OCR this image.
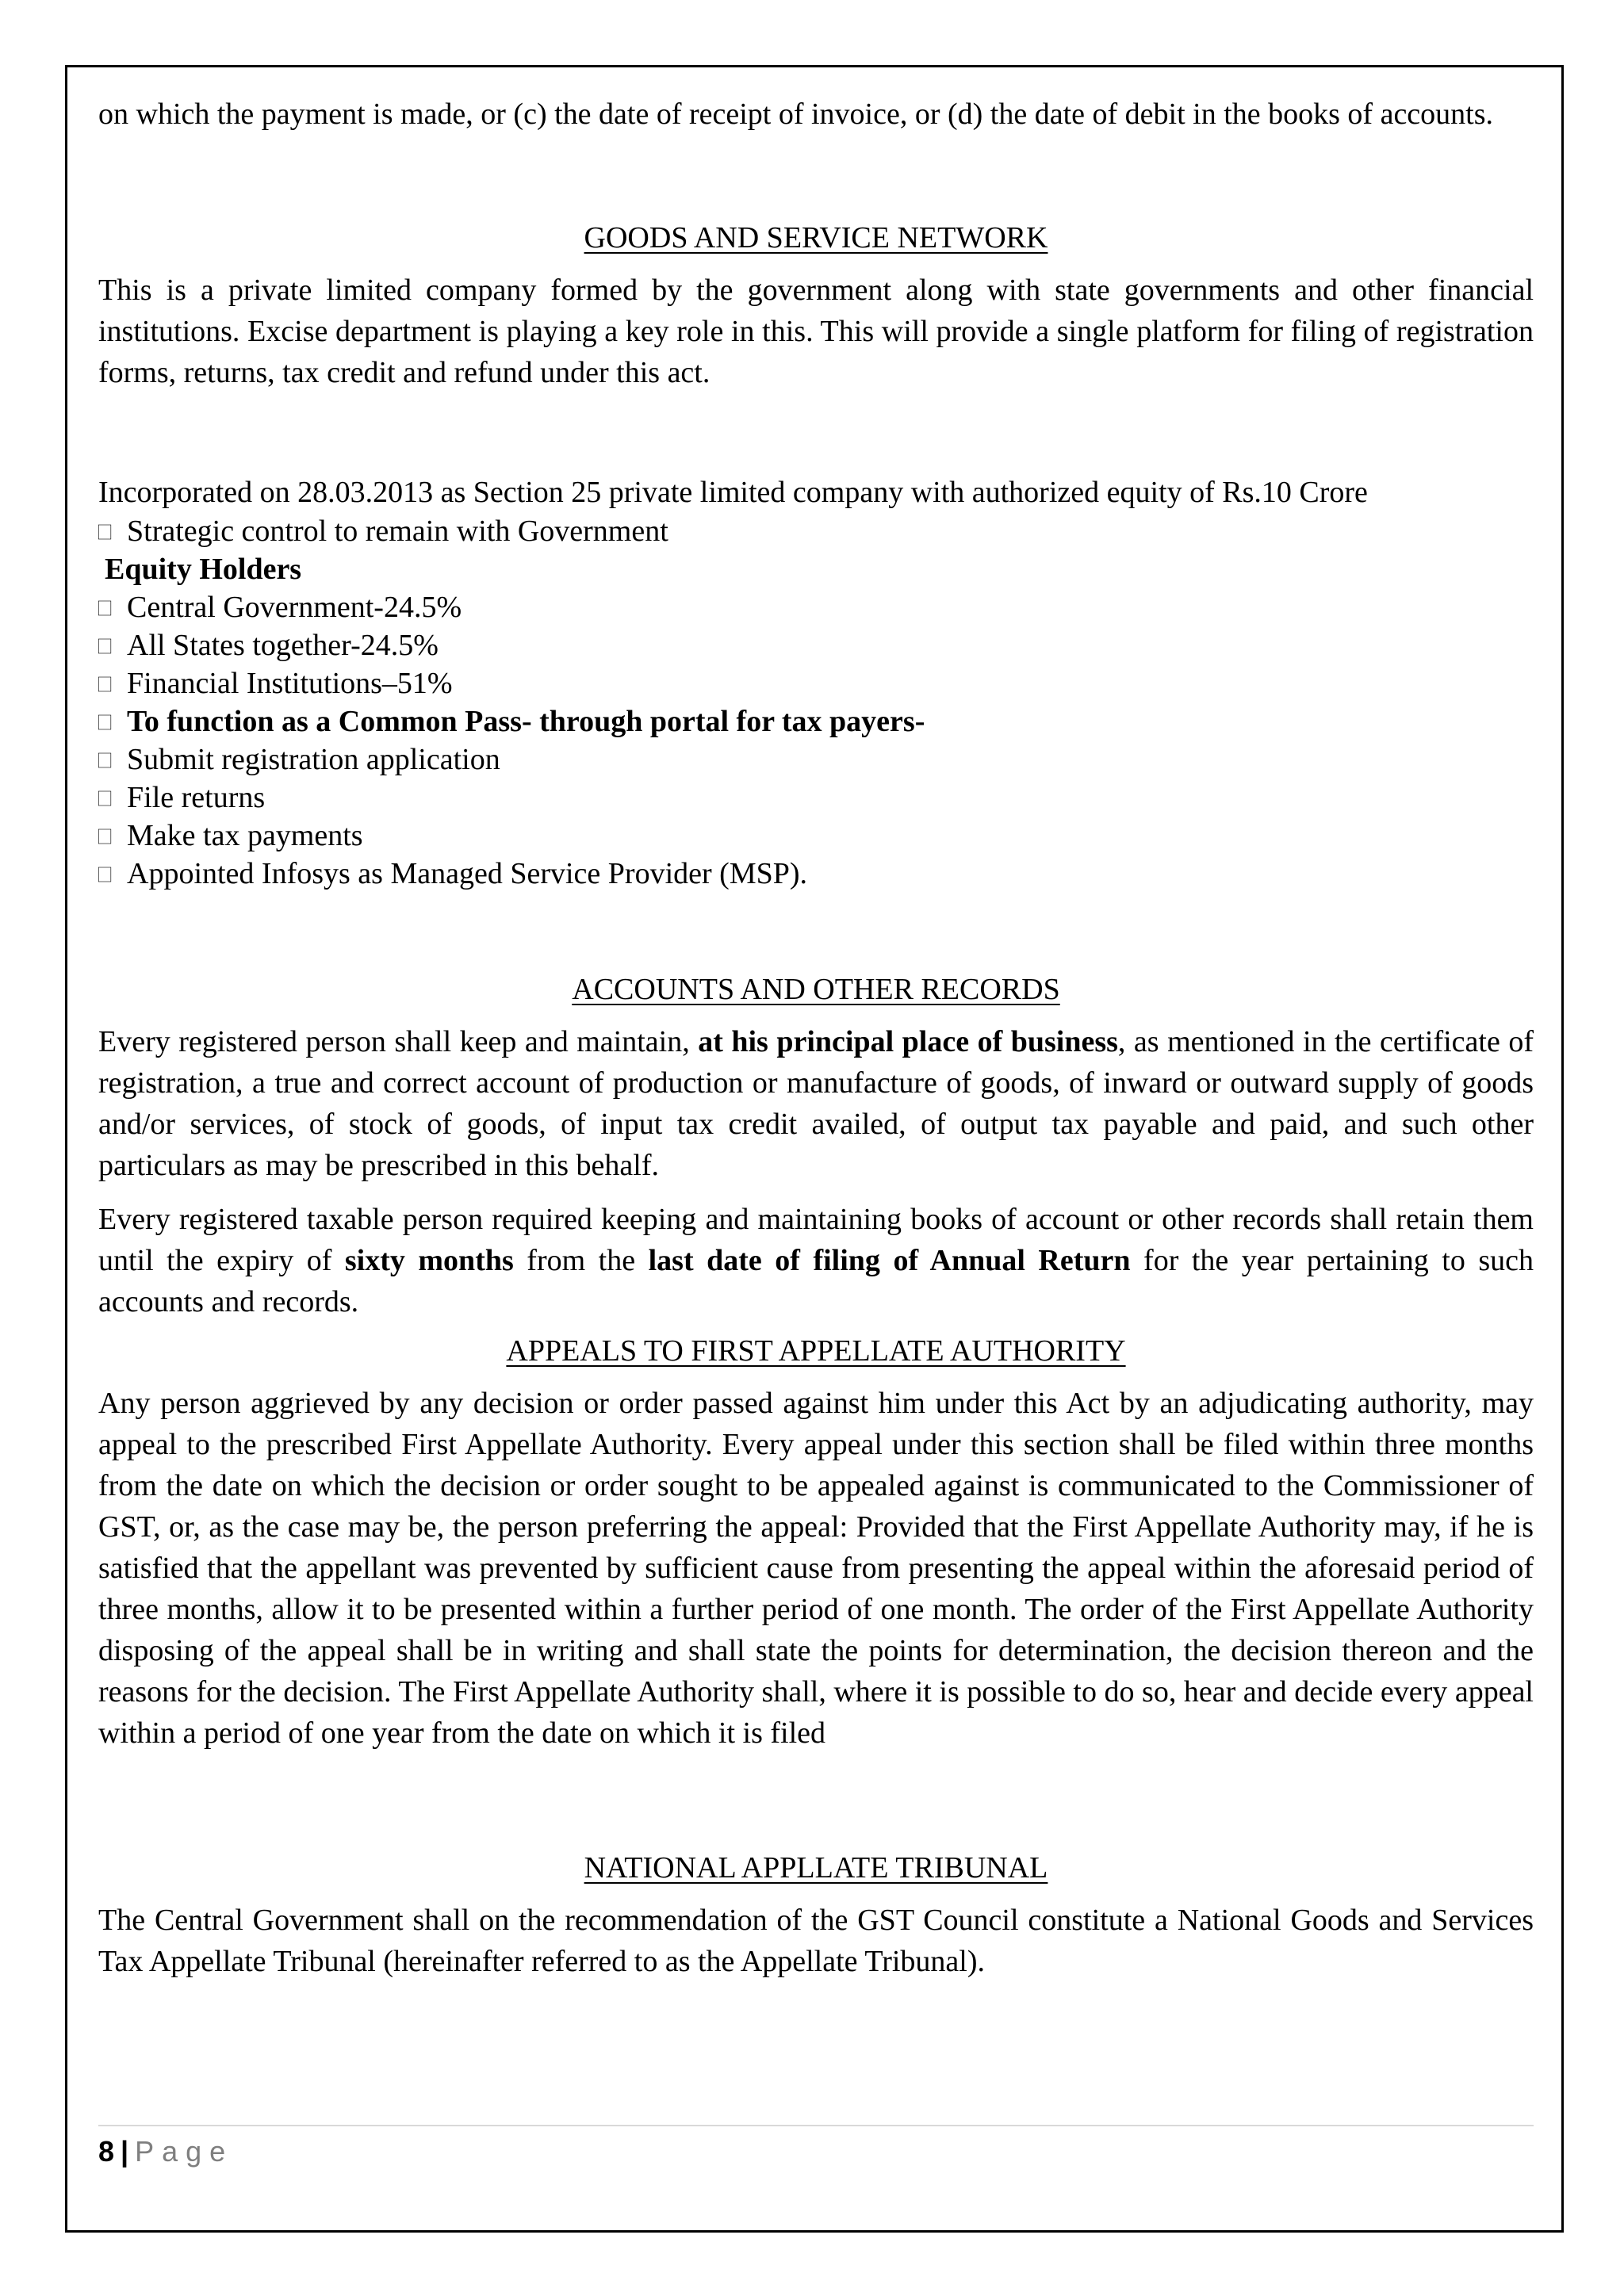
on which the payment is made, or (c) the date of receipt of invoice, or (d) the date of debit in the books of accounts.

GOODS AND SERVICE NETWORK

This is a private limited company formed by the government along with state governments and other financial institutions. Excise department is playing a key role in this. This will provide a single platform for filing of registration forms, returns, tax credit and refund under this act.

Incorporated on 28.03.2013 as Section 25 private limited company with authorized equity of Rs.10 Crore
Strategic control to remain with Government
Equity Holders
Central Government-24.5%
All States together-24.5%
Financial Institutions–51%
To function as a Common Pass- through portal for tax payers-
Submit registration application
File returns
Make tax payments
Appointed Infosys as Managed Service Provider (MSP).

ACCOUNTS AND OTHER RECORDS

Every registered person shall keep and maintain, at his principal place of business, as mentioned in the certificate of registration, a true and correct account of production or manufacture of goods, of inward or outward supply of goods and/or services, of stock of goods, of input tax credit availed, of output tax payable and paid, and such other particulars as may be prescribed in this behalf.

Every registered taxable person required keeping and maintaining books of account or other records shall retain them until the expiry of sixty months from the last date of filing of Annual Return for the year pertaining to such accounts and records.

APPEALS TO FIRST APPELLATE AUTHORITY

Any person aggrieved by any decision or order passed against him under this Act by an adjudicating authority, may appeal to the prescribed First Appellate Authority. Every appeal under this section shall be filed within three months from the date on which the decision or order sought to be appealed against is communicated to the Commissioner of GST, or, as the case may be, the person preferring the appeal: Provided that the First Appellate Authority may, if he is satisfied that the appellant was prevented by sufficient cause from presenting the appeal within the aforesaid period of three months, allow it to be presented within a further period of one month. The order of the First Appellate Authority disposing of the appeal shall be in writing and shall state the points for determination, the decision thereon and the reasons for the decision. The First Appellate Authority shall, where it is possible to do so, hear and decide every appeal within a period of one year from the date on which it is filed

NATIONAL APPLLATE TRIBUNAL

The Central Government shall on the recommendation of the GST Council constitute a National Goods and Services Tax Appellate Tribunal (hereinafter referred to as the Appellate Tribunal).

8 | Page
